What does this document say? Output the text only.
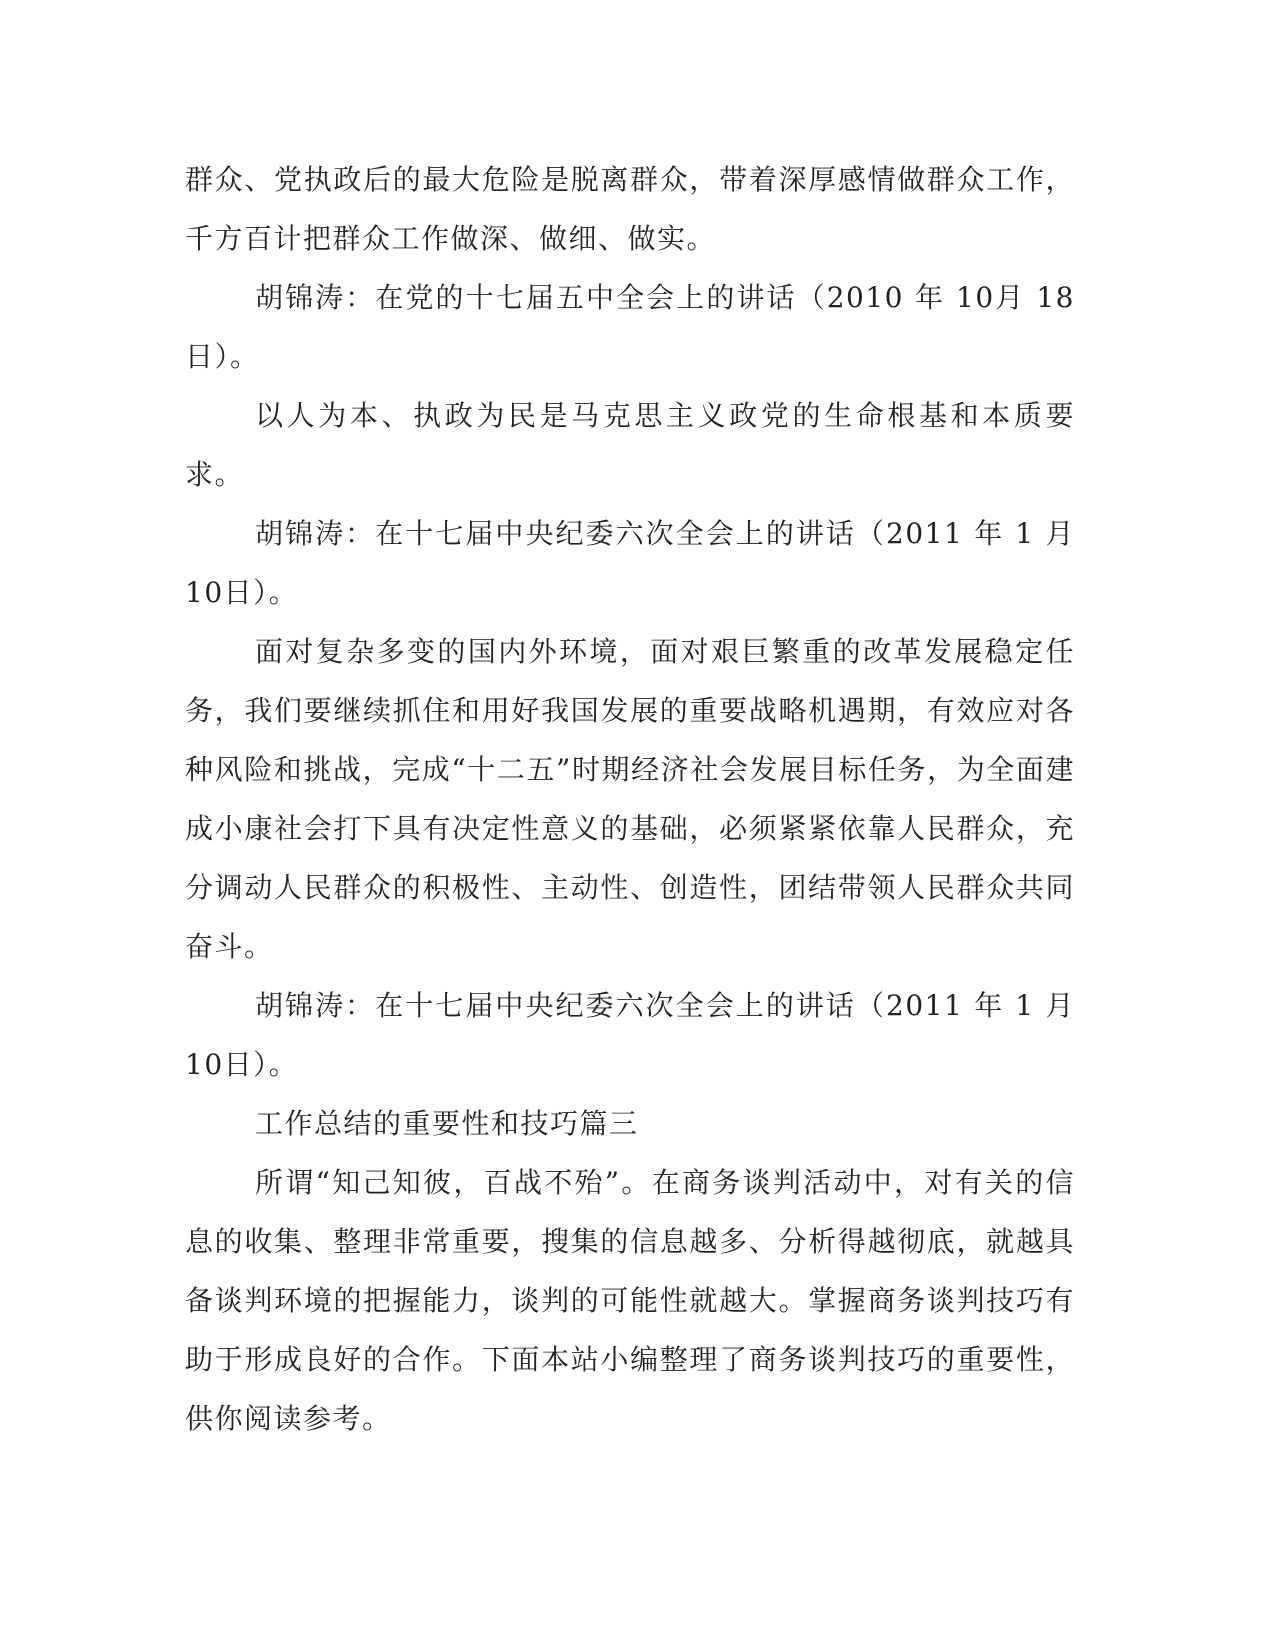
群众、党执政后的最大危险是脱离群众，带着深厚感情做群众工作，千方百计把群众工作做深、做细、做实。

胡锦涛：在党的十七届五中全会上的讲话（2010 年 10月 18 日）。

以人为本、执政为民是马克思主义政党的生命根基和本质要求。

胡锦涛：在十七届中央纪委六次全会上的讲话（2011 年 1 月 10日）。

面对复杂多变的国内外环境，面对艰巨繁重的改革发展稳定任务，我们要继续抓住和用好我国发展的重要战略机遇期，有效应对各种风险和挑战，完成“十二五”时期经济社会发展目标任务，为全面建成小康社会打下具有决定性意义的基础，必须紧紧依靠人民群众，充分调动人民群众的积极性、主动性、创造性，团结带领人民群众共同奋斗。

胡锦涛：在十七届中央纪委六次全会上的讲话（2011 年 1 月 10日）。

工作总结的重要性和技巧篇三

所谓“知己知彼，百战不殆”。在商务谈判活动中，对有关的信息的收集、整理非常重要，搜集的信息越多、分析得越彻底，就越具备谈判环境的把握能力，谈判的可能性就越大。掌握商务谈判技巧有助于形成良好的合作。下面本站小编整理了商务谈判技巧的重要性，供你阅读参考。
